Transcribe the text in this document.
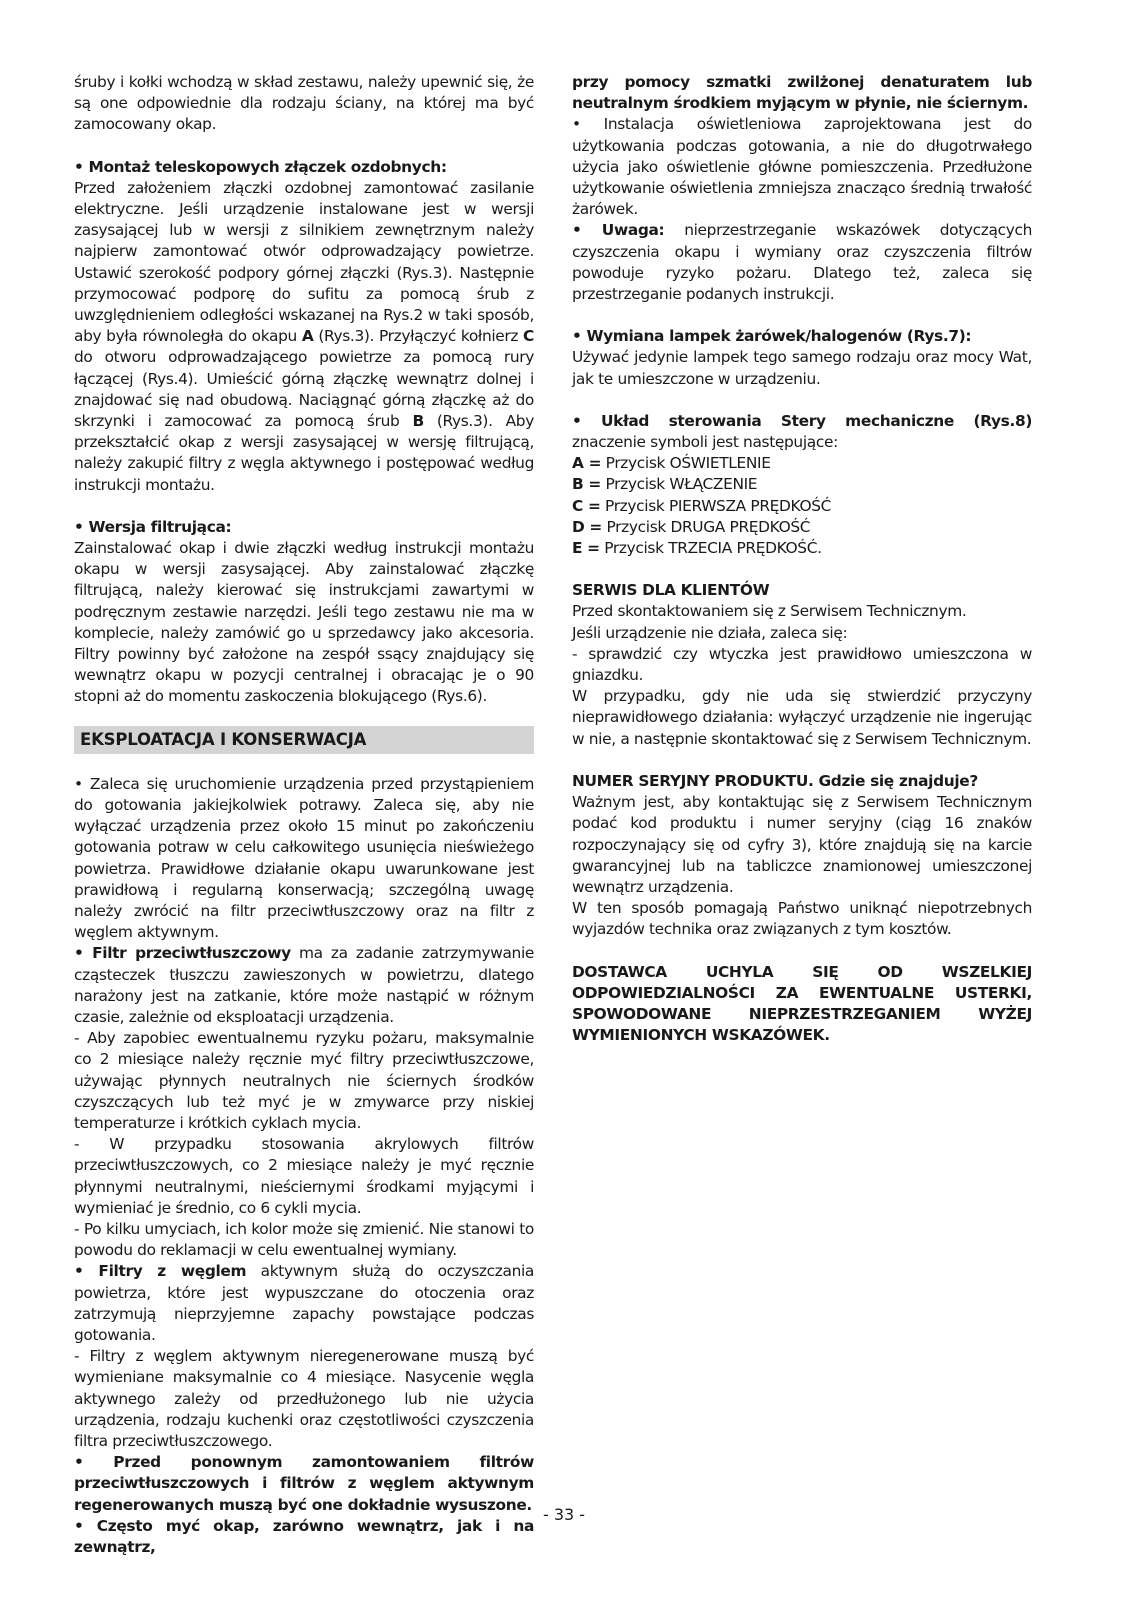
śruby i kołki wchodzą w skład zestawu, należy upewnić się, że są one odpowiednie dla rodzaju ściany, na której ma być zamocowany okap.

• Montaż teleskopowych złączek ozdobnych:

Przed założeniem złączki ozdobnej zamontować zasilanie elektryczne. Jeśli urządzenie instalowane jest w wersji zasysającej lub w wersji z silnikiem zewnętrznym należy najpierw zamontować otwór odprowadzający powietrze. Ustawić szerokość podpory górnej złączki (Rys.3). Następnie przymocować podporę do sufitu za pomocą śrub z uwzględnieniem odległości wskazanej na Rys.2 w taki sposób, aby była równoległa do okapu A (Rys.3). Przyłączyć kołnierz C do otworu odprowadzającego powietrze za pomocą rury łączącej (Rys.4). Umieścić górną złączkę wewnątrz dolnej i znajdować się nad obudową. Naciągnąć górną złączkę aż do skrzynki i zamocować za pomocą śrub B (Rys.3). Aby przekształcić okap z wersji zasysającej w wersję filtrującą, należy zakupić filtry z węgla aktywnego i postępować według instrukcji montażu.

• Wersja filtrująca:

Zainstalować okap i dwie złączki według instrukcji montażu okapu w wersji zasysającej. Aby zainstalować złączkę filtrującą, należy kierować się instrukcjami zawartymi w podręcznym zestawie narzędzi. Jeśli tego zestawu nie ma w komplecie, należy zamówić go u sprzedawcy jako akcesoria. Filtry powinny być założone na zespół ssący znajdujący się wewnątrz okapu w pozycji centralnej i obracając je o 90 stopni aż do momentu zaskoczenia blokującego (Rys.6).

EKSPLOATACJA I KONSERWACJA

• Zaleca się uruchomienie urządzenia przed przystąpieniem do gotowania jakiejkolwiek potrawy. Zaleca się, aby nie wyłączać urządzenia przez około 15 minut po zakończeniu gotowania potraw w celu całkowitego usunięcia nieświeżego powietrza. Prawidłowe działanie okapu uwarunkowane jest prawidłową i regularną konserwacją; szczególną uwagę należy zwrócić na filtr przeciwtłuszczowy oraz na filtr z węglem aktywnym.

• Filtr przeciwtłuszczowy ma za zadanie zatrzymywanie cząsteczek tłuszczu zawieszonych w powietrzu, dlatego narażony jest na zatkanie, które może nastąpić w różnym czasie, zależnie od eksploatacji urządzenia.

- Aby zapobiec ewentualnemu ryzyku pożaru, maksymalnie co 2 miesiące należy ręcznie myć filtry przeciwtłuszczowe, używając płynnych neutralnych nie ściernych środków czyszczących lub też myć je w zmywarce przy niskiej temperaturze i krótkich cyklach mycia.

- W przypadku stosowania akrylowych filtrów przeciwtłuszczowych, co 2 miesiące należy je myć ręcznie płynnymi neutralnymi, nieściernymi środkami myjącymi i wymieniać je średnio, co 6 cykli mycia.

- Po kilku umyciach, ich kolor może się zmienić. Nie stanowi to powodu do reklamacji w celu ewentualnej wymiany.

• Filtry z węglem aktywnym służą do oczyszczania powietrza, które jest wypuszczane do otoczenia oraz zatrzymują nieprzyjemne zapachy powstające podczas gotowania.

- Filtry z węglem aktywnym nieregenerowane muszą być wymieniane maksymalnie co 4 miesiące. Nasycenie węgla aktywnego zależy od przedłużonego lub nie użycia urządzenia, rodzaju kuchenki oraz częstotliwości czyszczenia filtra przeciwtłuszczowego.

• Przed ponownym zamontowaniem filtrów przeciwtłuszczowych i filtrów z węglem aktywnym regenerowanych muszą być one dokładnie wysuszone.

• Często myć okap, zarówno wewnątrz, jak i na zewnątrz,

przy pomocy szmatki zwilżonej denaturatem lub neutralnym środkiem myjącym w płynie, nie ściernym.

• Instalacja oświetleniowa zaprojektowana jest do użytkowania podczas gotowania, a nie do długotrwałego użycia jako oświetlenie główne pomieszczenia. Przedłużone użytkowanie oświetlenia zmniejsza znacząco średnią trwałość żarówek.

• Uwaga: nieprzestrzeganie wskazówek dotyczących czyszczenia okapu i wymiany oraz czyszczenia filtrów powoduje ryzyko pożaru. Dlatego też, zaleca się przestrzeganie podanych instrukcji.

• Wymiana lampek żarówek/halogenów (Rys.7):

Używać jedynie lampek tego samego rodzaju oraz mocy Wat, jak te umieszczone w urządzeniu.

• Układ sterowania Stery mechaniczne (Rys.8) znaczenie symboli jest następujące:

A = Przycisk OŚWIETLENIE

B = Przycisk WŁĄCZENIE

C = Przycisk PIERWSZA PRĘDKOŚĆ

D = Przycisk DRUGA PRĘDKOŚĆ

E = Przycisk TRZECIA PRĘDKOŚĆ.

SERWIS DLA KLIENTÓW

Przed skontaktowaniem się z Serwisem Technicznym.

Jeśli urządzenie nie działa, zaleca się:

- sprawdzić czy wtyczka jest prawidłowo umieszczona w gniazdku.

W przypadku, gdy nie uda się stwierdzić przyczyny nieprawidłowego działania: wyłączyć urządzenie nie ingerując w nie, a następnie skontaktować się z Serwisem Technicznym.

NUMER SERYJNY PRODUKTU. Gdzie się znajduje?

Ważnym jest, aby kontaktując się z Serwisem Technicznym podać kod produktu i numer seryjny (ciąg 16 znaków rozpoczynający się od cyfry 3), które znajdują się na karcie gwarancyjnej lub na tabliczce znamionowej umieszczonej wewnątrz urządzenia.

W ten sposób pomagają Państwo uniknąć niepotrzebnych wyjazdów technika oraz związanych z tym kosztów.

DOSTAWCA UCHYLA SIĘ OD WSZELKIEJ ODPOWIEDZIALNOŚCI ZA EWENTUALNE USTERKI, SPOWODOWANE NIEPRZESTRZEGANIEM WYŻEJ WYMIENIONYCH WSKAZÓWEK.

- 33 -
